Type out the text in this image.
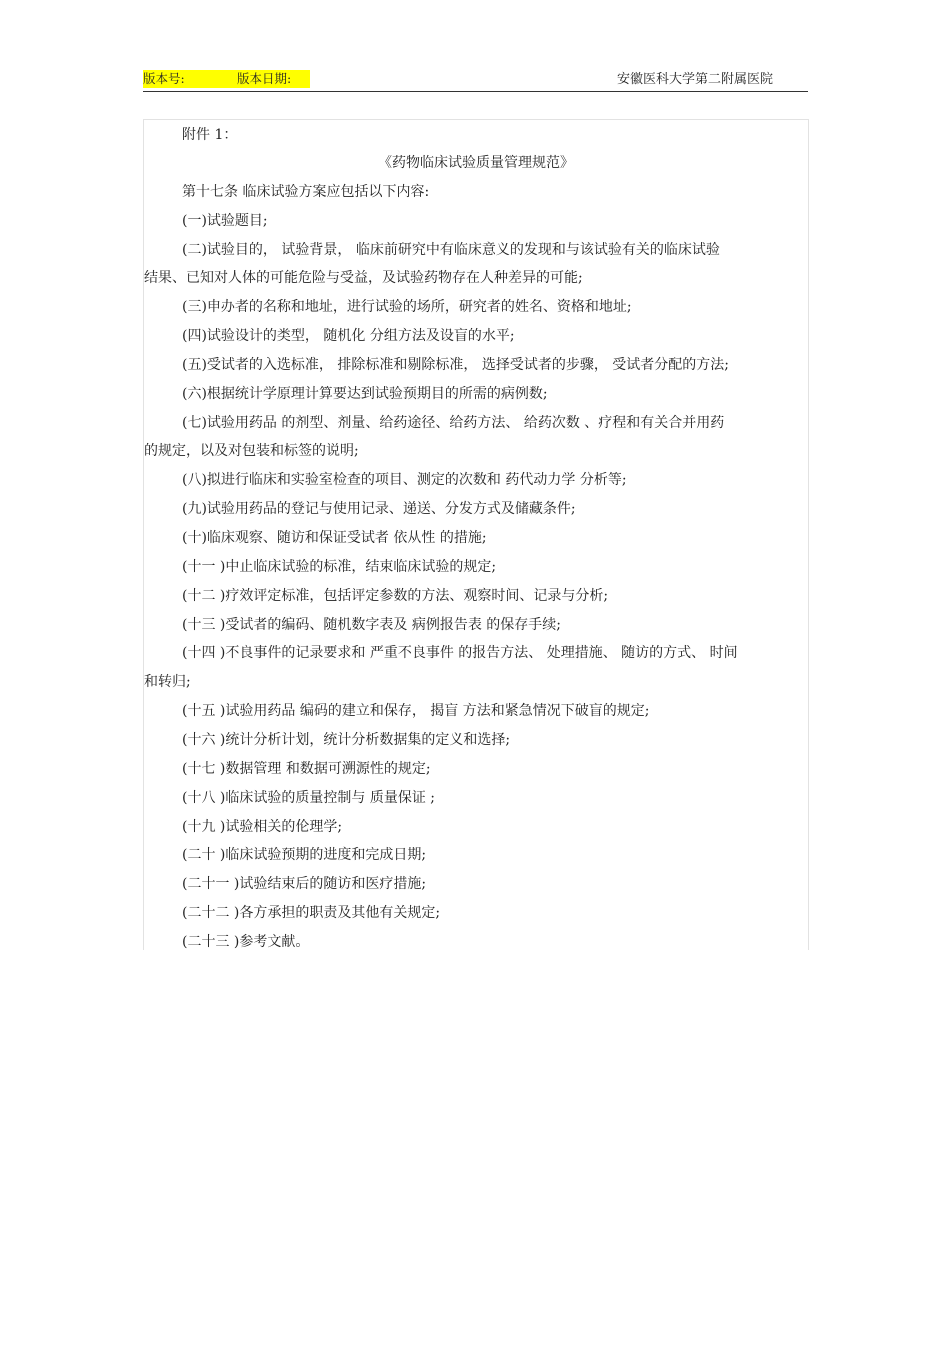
版本号:	版本日期:	安徽医科大学第二附属医院
附件 1：
《药物临床试验质量管理规范》
第十七条 临床试验方案应包括以下内容:
(一)试验题目;
(二)试验目的， 试验背景， 临床前研究中有临床意义的发现和与该试验有关的临床试验
结果、已知对人体的可能危险与受益，及试验药物存在人种差异的可能;
(三)申办者的名称和地址，进行试验的场所，研究者的姓名、资格和地址;
(四)试验设计的类型， 随机化 分组方法及设盲的水平;
(五)受试者的入选标准， 排除标准和剔除标准， 选择受试者的步骤， 受试者分配的方法;
(六)根据统计学原理计算要达到试验预期目的所需的病例数;
(七)试验用药品 的剂型、剂量、给药途径、给药方法、 给药次数 、疗程和有关合并用药
的规定，以及对包装和标签的说明;
(八)拟进行临床和实验室检查的项目、测定的次数和 药代动力学 分析等;
(九)试验用药品的登记与使用记录、递送、分发方式及储藏条件;
(十)临床观察、随访和保证受试者 依从性 的措施;
(十一 )中止临床试验的标准，结束临床试验的规定;
(十二 )疗效评定标准，包括评定参数的方法、观察时间、记录与分析;
(十三 )受试者的编码、随机数字表及 病例报告表 的保存手续;
(十四 )不良事件的记录要求和 严重不良事件 的报告方法、 处理措施、 随访的方式、 时间
和转归;
(十五 )试验用药品 编码的建立和保存， 揭盲 方法和紧急情况下破盲的规定;
(十六 )统计分析计划，统计分析数据集的定义和选择;
(十七 )数据管理 和数据可溯源性的规定;
(十八 )临床试验的质量控制与 质量保证 ;
(十九 )试验相关的伦理学;
(二十 )临床试验预期的进度和完成日期;
(二十一 )试验结束后的随访和医疗措施;
(二十二 )各方承担的职责及其他有关规定;
(二十三 )参考文献。
